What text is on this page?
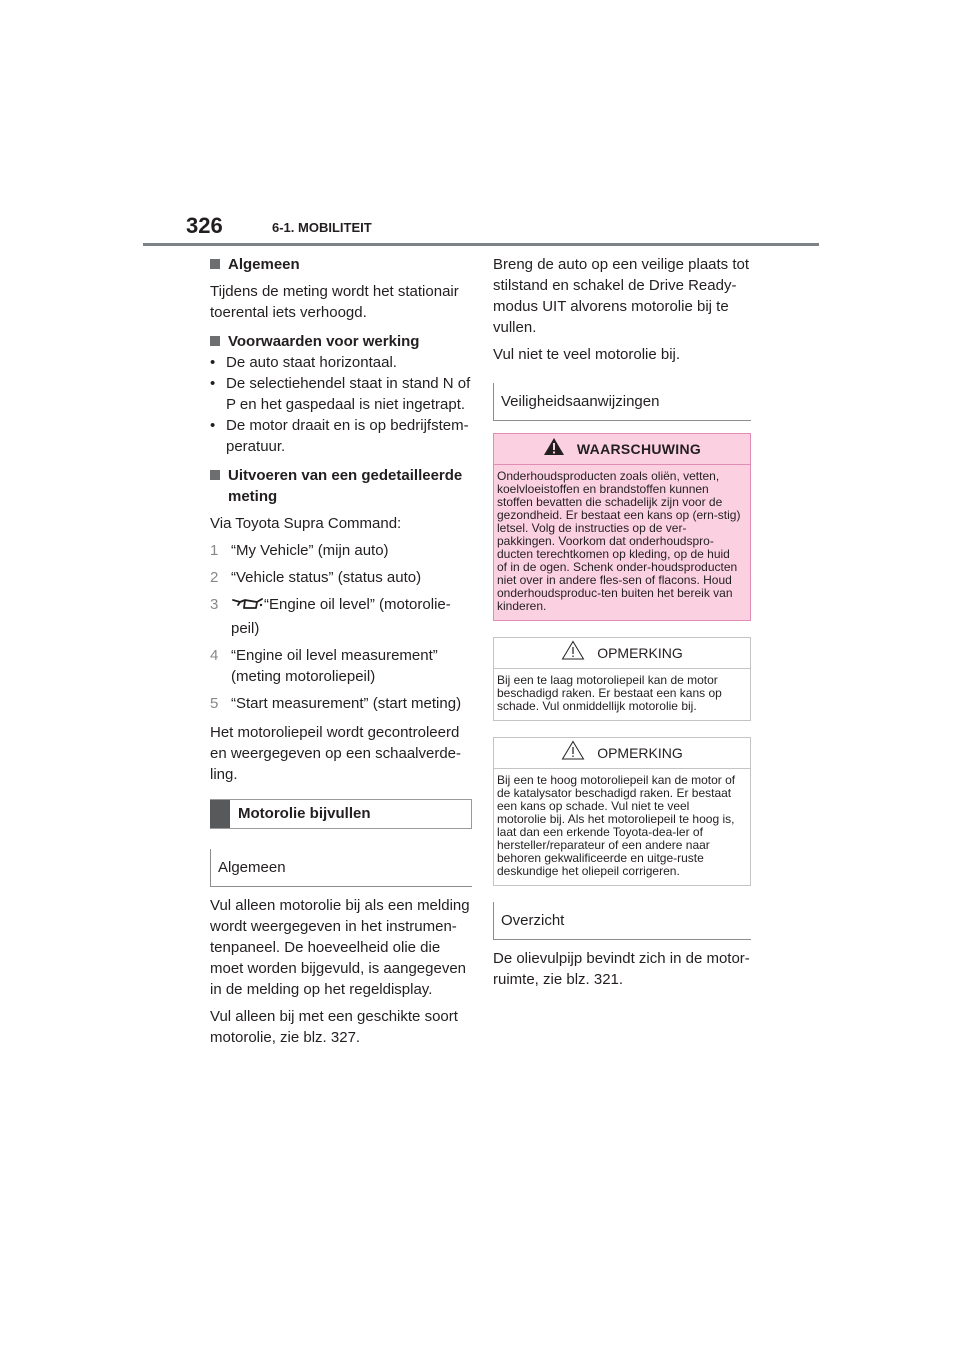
326	6-1. MOBILITEIT
Algemeen

Tijdens de meting wordt het stationair toerental iets verhoogd.

Voorwaarden voor werking

• De auto staat horizontaal.

• De selectiehendel staat in stand N of P en het gaspedaal is niet ingetrapt.

• De motor draait en is op bedrijfstem-peratuur.

Uitvoeren van een gedetailleerde meting

Via Toyota Supra Command:

1 “My Vehicle” (mijn auto)

2 “Vehicle status” (status auto)

3	“Engine oil level” (motorolie-peil)

4 “Engine oil level measurement” (meting motoroliepeil)

5 “Start measurement” (start meting)

Het motoroliepeil wordt gecontroleerd en weergegeven op een schaalverde-ling.

Motorolie bijvullen
Algemeen

Vul alleen motorolie bij als een melding wordt weergegeven in het instrumen-tenpaneel. De hoeveelheid olie die moet worden bijgevuld, is aangegeven in de melding op het regeldisplay.

Vul alleen bij met een geschikte soort motorolie, zie blz. 327.

Breng de auto op een veilige plaats tot stilstand en schakel de Drive Ready-modus UIT alvorens motorolie bij te vullen.

Vul niet te veel motorolie bij.

Veiligheidsaanwijzingen
WAARSCHUWING
Onderhoudsproducten zoals oliën, vetten, koelvloeistoffen en brandstoffen kunnen stoffen bevatten die schadelijk zijn voor de gezondheid. Er bestaat een kans op (ern-stig) letsel. Volg de instructies op de ver-pakkingen. Voorkom dat onderhoudspro-ducten terechtkomen op kleding, op de huid of in de ogen. Schenk onder-houdsproducten niet over in andere fles-sen of flacons. Houd onderhoudsproduc-ten buiten het bereik van kinderen.
OPMERKING
Bij een te laag motoroliepeil kan de motor beschadigd raken. Er bestaat een kans op schade. Vul onmiddellijk motorolie bij.
OPMERKING
Bij een te hoog motoroliepeil kan de motor of de katalysator beschadigd raken. Er bestaat een kans op schade. Vul niet te veel motorolie bij. Als het motoroliepeil te hoog is, laat dan een erkende Toyota-dea-ler of hersteller/reparateur of een andere naar behoren gekwalificeerde en uitge-ruste deskundige het oliepeil corrigeren.
Overzicht

De olievulpijp bevindt zich in de motor-ruimte, zie blz. 321.
